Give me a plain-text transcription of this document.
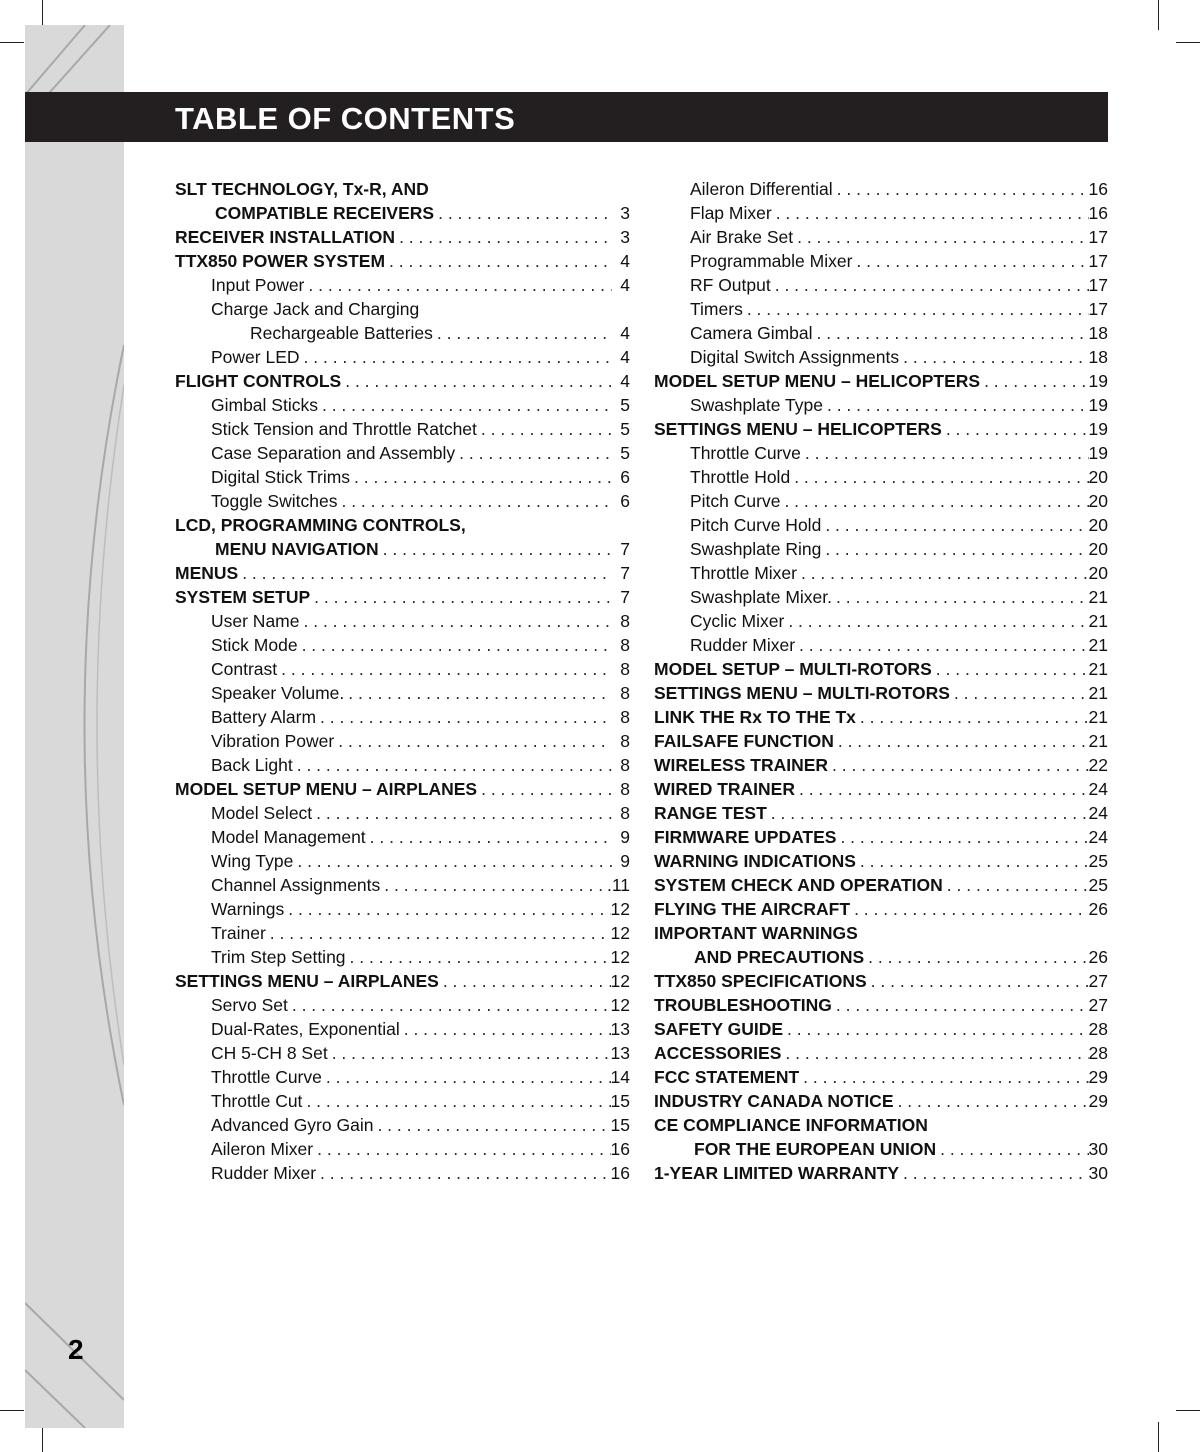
TABLE OF CONTENTS
SLT TECHNOLOGY, Tx-R, AND
COMPATIBLE RECEIVERS . . .	3
RECEIVER INSTALLATION . . .	3
TTX850 POWER SYSTEM . . .	4
Input Power . . .	4
Charge Jack and Charging
Rechargeable Batteries . . .	4
Power LED . . .	4
FLIGHT CONTROLS . . .	4
Gimbal Sticks . . .	5
Stick Tension and Throttle Ratchet . . .	5
Case Separation and Assembly . . .	5
Digital Stick Trims . . .	6
Toggle Switches . . .	6
LCD, PROGRAMMING CONTROLS,
MENU NAVIGATION . . .	7
MENUS . . .	7
SYSTEM SETUP . . .	7
User Name . . .	8
Stick Mode . . .	8
Contrast . . .	8
Speaker Volume. . . .	8
Battery Alarm . . .	8
Vibration Power . . .	8
Back Light . . .	8
MODEL SETUP MENU – AIRPLANES . . .	8
Model Select . . .	8
Model Management . . .	9
Wing Type . . .	9
Channel Assignments . . .	.11
Warnings . . .	12
Trainer . . .	12
Trim Step Setting . . .	12
SETTINGS MENU – AIRPLANES . . .	12
Servo Set . . .	12
Dual-Rates, Exponential . . .	13
CH 5-CH 8 Set . . .	13
Throttle Curve . . .	14
Throttle Cut . . .	15
Advanced Gyro Gain . . .	15
Aileron Mixer . . .	16
Rudder Mixer . . .	16
Aileron Differential . . .	16
Flap Mixer . . .	16
Air Brake Set . . .	17
Programmable Mixer . . .	17
RF Output . . .	17
Timers . . .	17
Camera Gimbal . . .	18
Digital Switch Assignments . . .	18
MODEL SETUP MENU – HELICOPTERS . . .	19
Swashplate Type . . .	19
SETTINGS MENU – HELICOPTERS . . .	19
Throttle Curve . . .	19
Throttle Hold . . .	20
Pitch Curve . . .	20
Pitch Curve Hold . . .	20
Swashplate Ring . . .	20
Throttle Mixer . . .	20
Swashplate Mixer. . . .	21
Cyclic Mixer . . .	21
Rudder Mixer . . .	21
MODEL SETUP – MULTI-ROTORS . . .	21
SETTINGS MENU – MULTI-ROTORS . . .	21
LINK THE Rx TO THE Tx . . .	21
FAILSAFE FUNCTION . . .	21
WIRELESS TRAINER . . .	22
WIRED TRAINER . . .	24
RANGE TEST . . .	24
FIRMWARE UPDATES . . .	24
WARNING INDICATIONS . . .	25
SYSTEM CHECK AND OPERATION . . .	25
FLYING THE AIRCRAFT . . .	26
IMPORTANT WARNINGS
AND PRECAUTIONS . . .	26
TTX850 SPECIFICATIONS . . .	27
TROUBLESHOOTING . . .	27
SAFETY GUIDE . . .	28
ACCESSORIES . . .	28
FCC STATEMENT . . .	29
INDUSTRY CANADA NOTICE . . .	29
CE COMPLIANCE INFORMATION
FOR THE EUROPEAN UNION . . .	30
1-YEAR LIMITED WARRANTY . . .	30
2
